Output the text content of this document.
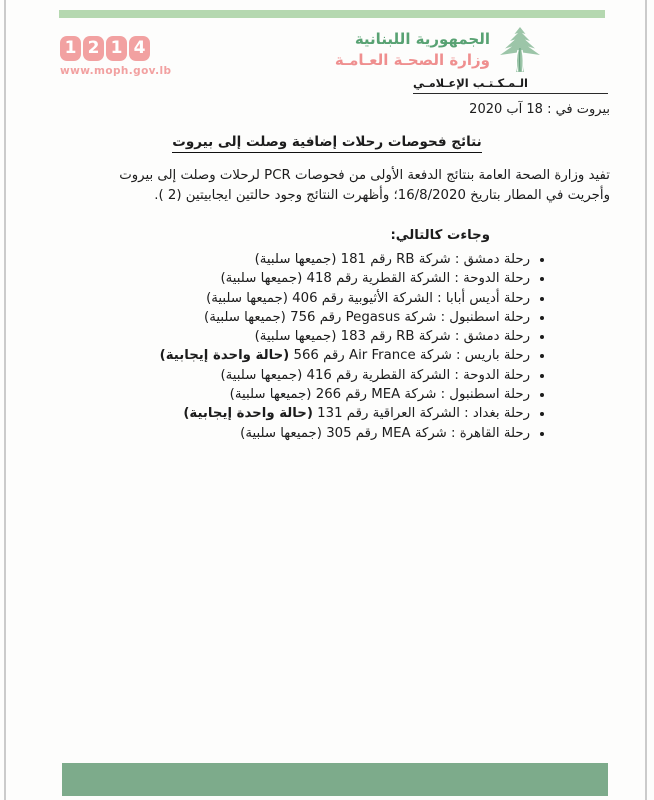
1 2 1 4
www.moph.gov.lb
الجمهورية اللبنانية
وزارة الصحـة العـامـة
الـمـكـتـب الإعـلامـي
بيروت في : 18 آب 2020
نتائج فحوصات رحلات إضافية وصلت إلى بيروت
تفيد وزارة الصحة العامة بنتائج الدفعة الأولى من فحوصات PCR لرحلات وصلت إلى بيروت وأجريت في المطار بتاريخ 16/8/2020؛ وأظهرت النتائج وجود حالتين ايجابيتين (2 ).
وجاءت كالتالي:
• رحلة دمشق : شركة RB رقم 181 (جميعها سلبية)
• رحلة الدوحة : الشركة القطرية رقم 418 (جميعها سلبية)
• رحلة أديس أبابا : الشركة الأثيوبية رقم 406 (جميعها سلبية)
• رحلة اسطنبول : شركة Pegasus رقم 756 (جميعها سلبية)
• رحلة دمشق : شركة RB رقم 183 (جميعها سلبية)
• رحلة باريس : شركة Air France رقم 566 (حالة واحدة إيجابية)
• رحلة الدوحة : الشركة القطرية رقم 416 (جميعها سلبية)
• رحلة اسطنبول : شركة MEA رقم 266 (جميعها سلبية)
• رحلة بغداد : الشركة العراقية رقم 131 (حالة واحدة إيجابية)
• رحلة القاهرة : شركة MEA رقم 305 (جميعها سلبية)
